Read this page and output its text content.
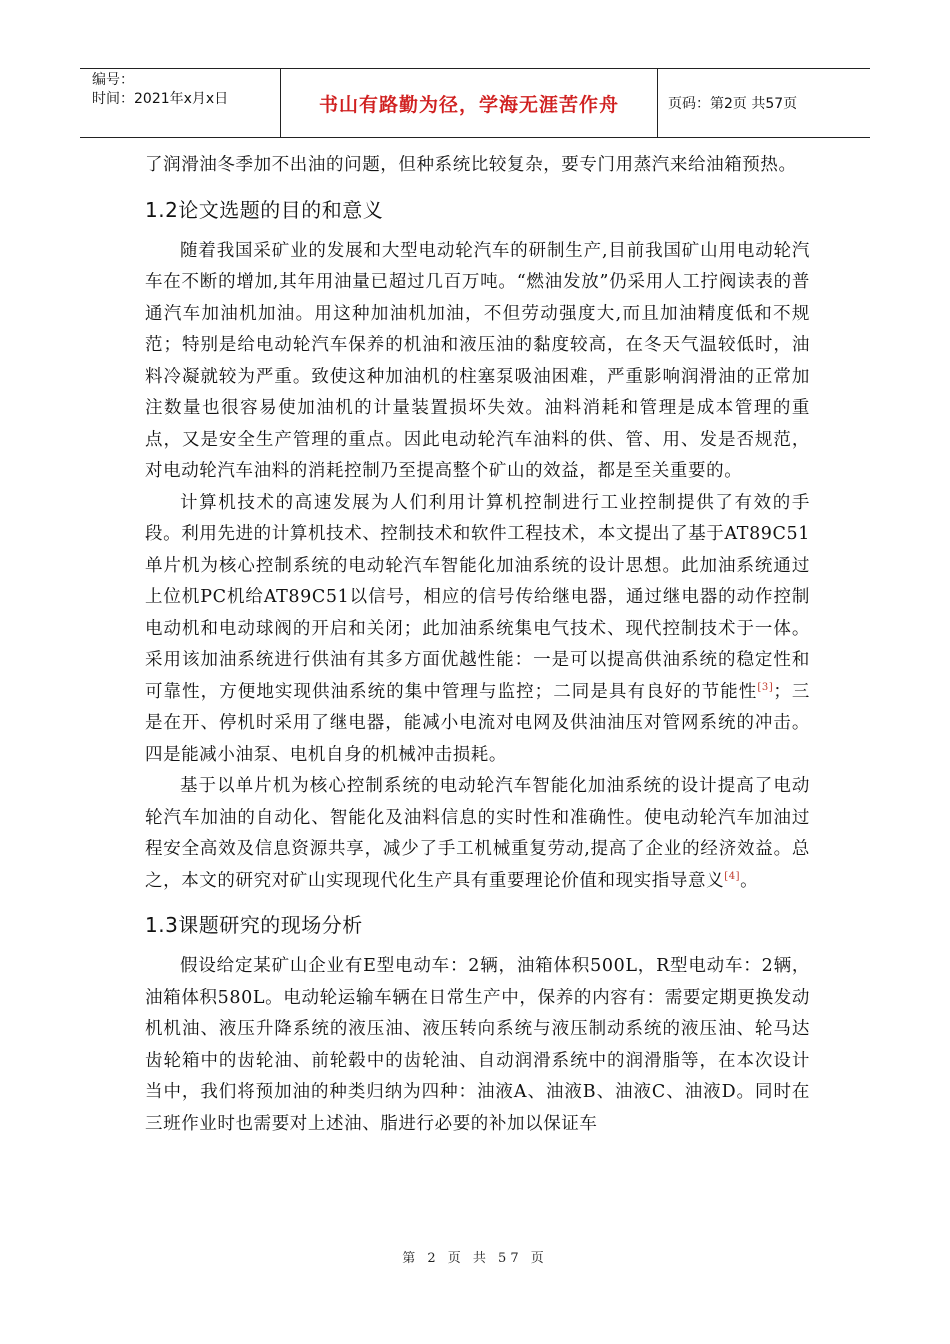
编号：
时间：2021年x月x日	书山有路勤为径，学海无涯苦作舟	页码：第2页 共57页

了润滑油冬季加不出油的问题，但种系统比较复杂，要专门用蒸汽来给油箱预热。

1.2论文选题的目的和意义

随着我国采矿业的发展和大型电动轮汽车的研制生产,目前我国矿山用电动轮汽车在不断的增加,其年用油量已超过几百万吨。“燃油发放”仍采用人工拧阀读表的普通汽车加油机加油。用这种加油机加油，不但劳动强度大,而且加油精度低和不规范；特别是给电动轮汽车保养的机油和液压油的黏度较高，在冬天气温较低时，油料冷凝就较为严重。致使这种加油机的柱塞泵吸油困难，严重影响润滑油的正常加注数量也很容易使加油机的计量装置损坏失效。油料消耗和管理是成本管理的重点，又是安全生产管理的重点。因此电动轮汽车油料的供、管、用、发是否规范，对电动轮汽车油料的消耗控制乃至提高整个矿山的效益，都是至关重要的。

计算机技术的高速发展为人们利用计算机控制进行工业控制提供了有效的手段。利用先进的计算机技术、控制技术和软件工程技术，本文提出了基于AT89C51单片机为核心控制系统的电动轮汽车智能化加油系统的设计思想。此加油系统通过上位机PC机给AT89C51以信号，相应的信号传给继电器，通过继电器的动作控制电动机和电动球阀的开启和关闭；此加油系统集电气技术、现代控制技术于一体。采用该加油系统进行供油有其多方面优越性能：一是可以提高供油系统的稳定性和可靠性，方便地实现供油系统的集中管理与监控；二同是具有良好的节能性[3]；三是在开、停机时采用了继电器，能减小电流对电网及供油油压对管网系统的冲击。四是能减小油泵、电机自身的机械冲击损耗。

基于以单片机为核心控制系统的电动轮汽车智能化加油系统的设计提高了电动轮汽车加油的自动化、智能化及油料信息的实时性和准确性。使电动轮汽车加油过程安全高效及信息资源共享，减少了手工机械重复劳动,提高了企业的经济效益。总之，本文的研究对矿山实现现代化生产具有重要理论价值和现实指导意义[4]。

1.3课题研究的现场分析

假设给定某矿山企业有E型电动车：2辆，油箱体积500L，R型电动车：2辆，油箱体积580L。电动轮运输车辆在日常生产中，保养的内容有：需要定期更换发动机机油、液压升降系统的液压油、液压转向系统与液压制动系统的液压油、轮马达齿轮箱中的齿轮油、前轮毂中的齿轮油、自动润滑系统中的润滑脂等，在本次设计当中，我们将预加油的种类归纳为四种：油液A、油液B、油液C、油液D。同时在三班作业时也需要对上述油、脂进行必要的补加以保证车

第 2 页 共 57 页
